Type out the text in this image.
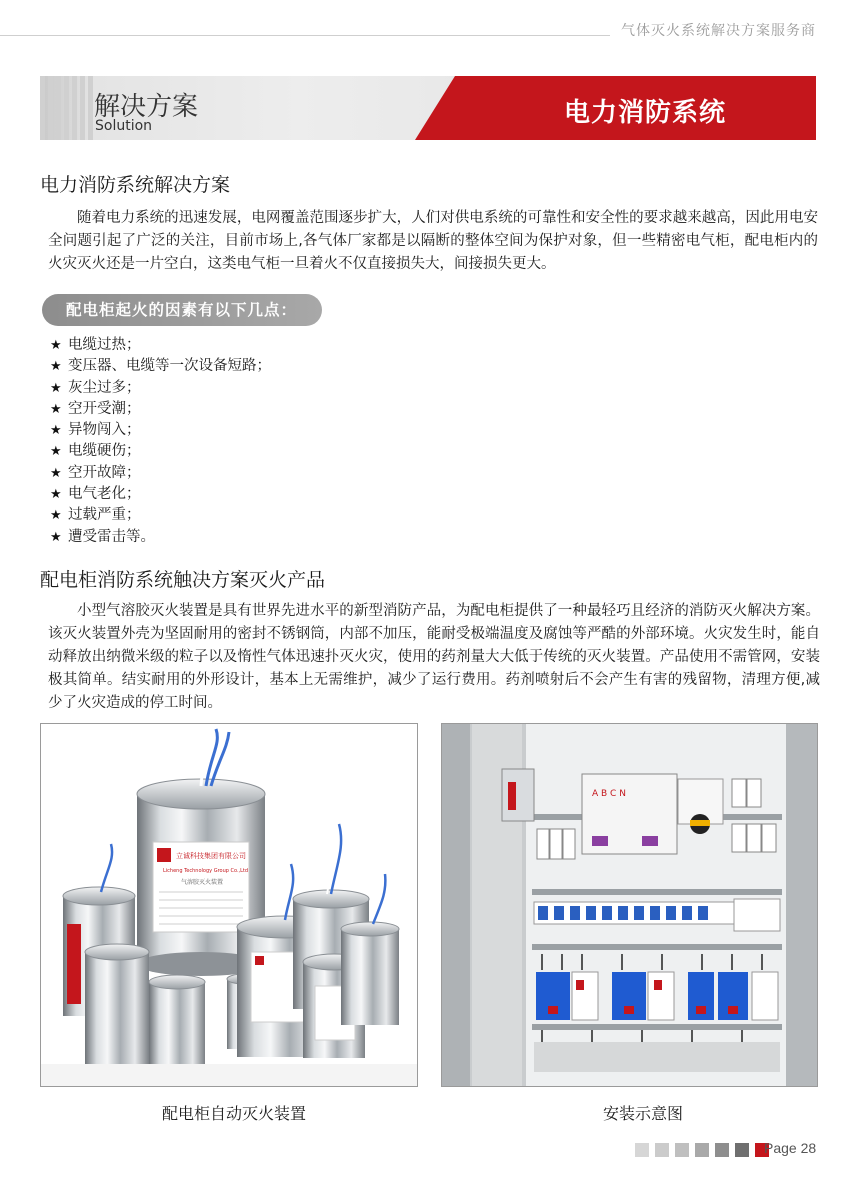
气体灭火系统解决方案服务商
解决方案
Solution	电力消防系统
电力消防系统解决方案
随着电力系统的迅速发展，电网覆盖范围逐步扩大，人们对供电系统的可靠性和安全性的要求越来越高，因此用电安全问题引起了广泛的关注，目前市场上,各气体厂家都是以隔断的整体空间为保护对象，但一些精密电气柜，配电柜内的火灾灭火还是一片空白，这类电气柜一旦着火不仅直接损失大，间接损失更大。
配电柜起火的因素有以下几点：
★ 电缆过热；
★ 变压器、电缆等一次设备短路；
★ 灰尘过多；
★ 空开受潮；
★ 异物闯入；
★ 电缆硬伤；
★ 空开故障；
★ 电气老化；
★ 过载严重；
★ 遭受雷击等。
配电柜消防系统触决方案灭火产品
小型气溶胶灭火装置是具有世界先进水平的新型消防产品，为配电柜提供了一种最轻巧且经济的消防灭火解决方案。该灭火装置外壳为坚固耐用的密封不锈钢筒，内部不加压，能耐受极端温度及腐蚀等严酷的外部环境。火灾发生时，能自动释放出纳微米级的粒子以及惰性气体迅速扑灭火灾，使用的药剂量大大低于传统的灭火装置。产品使用不需管网，安装极其简单。结实耐用的外形设计，基本上无需维护，减少了运行费用。药剂喷射后不会产生有害的残留物，清理方便,减少了火灾造成的停工时间。
立诚科技集团有限公司
Licheng Technology Group Co.,Ltd
气溶胶灭火装置
配电柜自动灭火装置
A B C N
安装示意图
Page 28
